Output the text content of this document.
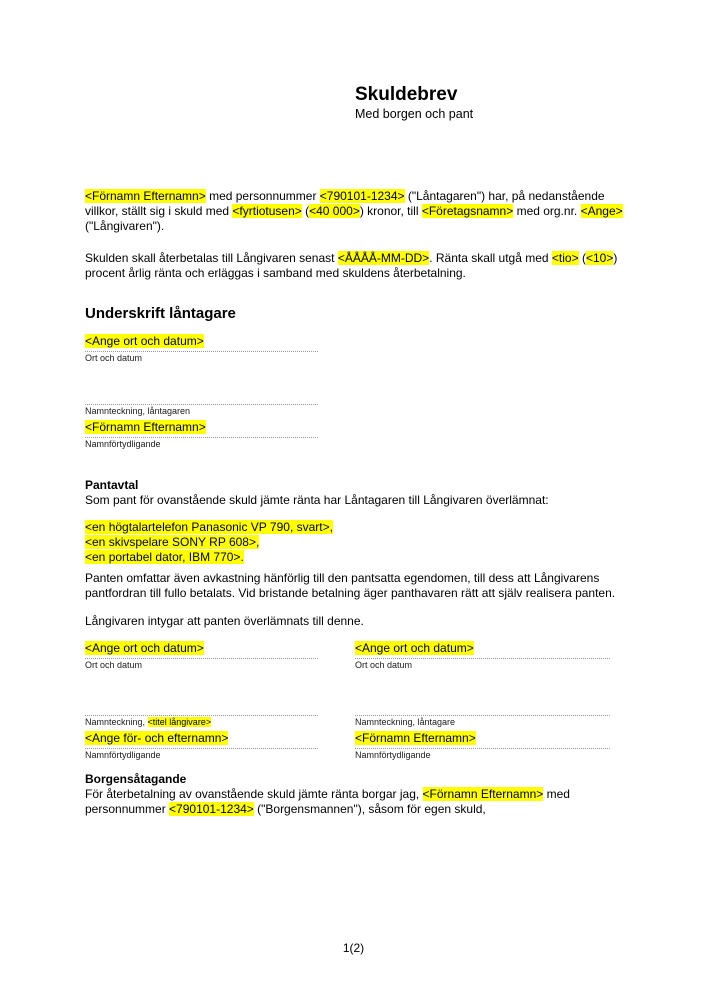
Skuldebrev
Med borgen och pant

<Förnamn Efternamn> med personnummer <790101-1234> ("Låntagaren") har, på nedanstående villkor, ställt sig i skuld med <fyrtiotusen> (<40 000>) kronor, till <Företagsnamn> med org.nr. <Ange> ("Långivaren").

Skulden skall återbetalas till Långivaren senast <ÅÅÅÅ-MM-DD>. Ränta skall utgå med <tio> (<10>) procent årlig ränta och erläggas i samband med skuldens återbetalning.

Underskrift låntagare
<Ange ort och datum>
Ort och datum
Namnteckning, låntagaren
<Förnamn Efternamn>
Namnförtydligande
Pantavtal

Som pant för ovanstående skuld jämte ränta har Låntagaren till Långivaren överlämnat:

<en högtalartelefon Panasonic VP 790, svart>,
<en skivspelare SONY RP 608>,
<en portabel dator, IBM 770>.

Panten omfattar även avkastning hänförlig till den pantsatta egendomen, till dess att Långivarens pantfordran till fullo betalats. Vid bristande betalning äger panthavaren rätt att själv realisera panten.

Långivaren intygar att panten överlämnats till denne.

<Ange ort och datum>
Ort och datum
<Ange ort och datum>
Ort och datum
Namnteckning, <titel långivare>
<Ange för- och efternamn>
Namnförtydligande
Namnteckning, låntagare
<Förnamn Efternamn>
Namnförtydligande
Borgensåtagande

För återbetalning av ovanstående skuld jämte ränta borgar jag, <Förnamn Efternamn> med personnummer <790101-1234> ("Borgensmannen"), såsom för egen skuld,

1(2)
